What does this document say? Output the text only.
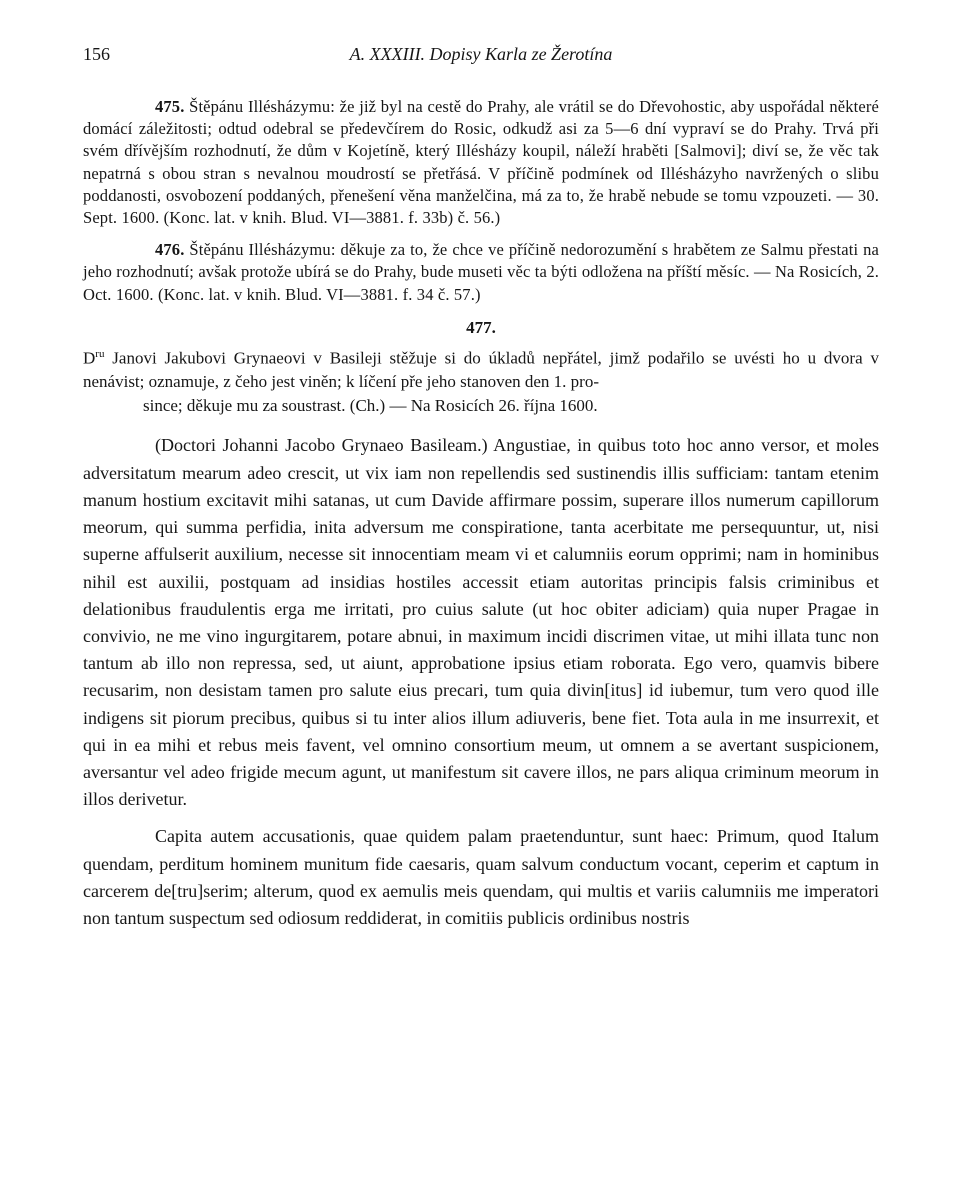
156	A. XXXIII. Dopisy Karla ze Žerotína
475. Štěpánu Illésházymu: že již byl na cestě do Prahy, ale vrátil se do Dřevohostic, aby uspořádal některé domácí záležitosti; odtud odebral se předevčírem do Rosic, odkudž asi za 5—6 dní vypraví se do Prahy. Trvá při svém dřívějším rozhodnutí, že dům v Kojetíně, který Illésházy koupil, náleží hraběti [Salmovi]; diví se, že věc tak nepatrná s obou stran s nevalnou moudrostí se přetřásá. V příčině podmínek od Illésházyho navržených o slibu poddanosti, osvobození poddaných, přenešení věna manželčina, má za to, že hrabě nebude se tomu vzpouzeti. — 30. Sept. 1600. (Konc. lat. v knih. Blud. VI—3881. f. 33b) č. 56.)
476. Štěpánu Illésházymu: děkuje za to, že chce ve příčině nedorozumění s hrabětem ze Salmu přestati na jeho rozhodnutí; avšak protože ubírá se do Prahy, bude museti věc ta býti odložena na příští měsíc. — Na Rosicích, 2. Oct. 1600. (Konc. lat. v knih. Blud. VI—3881. f. 34 č. 57.)
477.
$D^{ru}$ Janovi Jakubovi Grynaeovi v Basileji stěžuje si do úkladů nepřátel, jimž podařilo se uvésti ho u dvora v nenávist; oznamuje, z čeho jest viněn; k líčení pře jeho stanoven den 1. pro-
since; děkuje mu za soustrast. (Ch.) — Na Rosicích 26. října 1600.

(Doctori Johanni Jacobo Grynaeo Basileam.) Angustiae, in quibus toto hoc anno versor, et moles adversitatum mearum adeo crescit, ut vix iam non repellendis sed sustinendis illis sufficiam: tantam etenim manum hostium excitavit mihi satanas, ut cum Davide affirmare possim, superare illos numerum capillorum meorum, qui summa perfidia, inita adversum me conspiratione, tanta acerbitate me persequuntur, ut, nisi superne affulserit auxilium, necesse sit innocentiam meam vi et calumniis eorum opprimi; nam in hominibus nihil est auxilii, postquam ad insidias hostiles accessit etiam autoritas principis falsis criminibus et delationibus fraudulentis erga me irritati, pro cuius salute (ut hoc obiter adiciam) quia nuper Pragae in convivio, ne me vino ingurgitarem, potare abnui, in maximum incidi discrimen vitae, ut mihi illata tunc non tantum ab illo non repressa, sed, ut aiunt, approbatione ipsius etiam roborata. Ego vero, quamvis bibere recusarim, non desistam tamen pro salute eius precari, tum quia divin[itus] id iubemur, tum vero quod ille indigens sit piorum precibus, quibus si tu inter alios illum adiuveris, bene fiet. Tota aula in me insurrexit, et qui in ea mihi et rebus meis favent, vel omnino consortium meum, ut omnem a se avertant suspicionem, aversantur vel adeo frigide mecum agunt, ut manifestum sit cavere illos, ne pars aliqua criminum meorum in illos derivetur.

Capita autem accusationis, quae quidem palam praetenduntur, sunt haec: Primum, quod Italum quendam, perditum hominem munitum fide caesaris, quam salvum conductum vocant, ceperim et captum in carcerem de[tru]serim; alterum, quod ex aemulis meis quendam, qui multis et variis calumniis me imperatori non tantum suspectum sed odiosum reddiderat, in comitiis publicis ordinibus nostris
